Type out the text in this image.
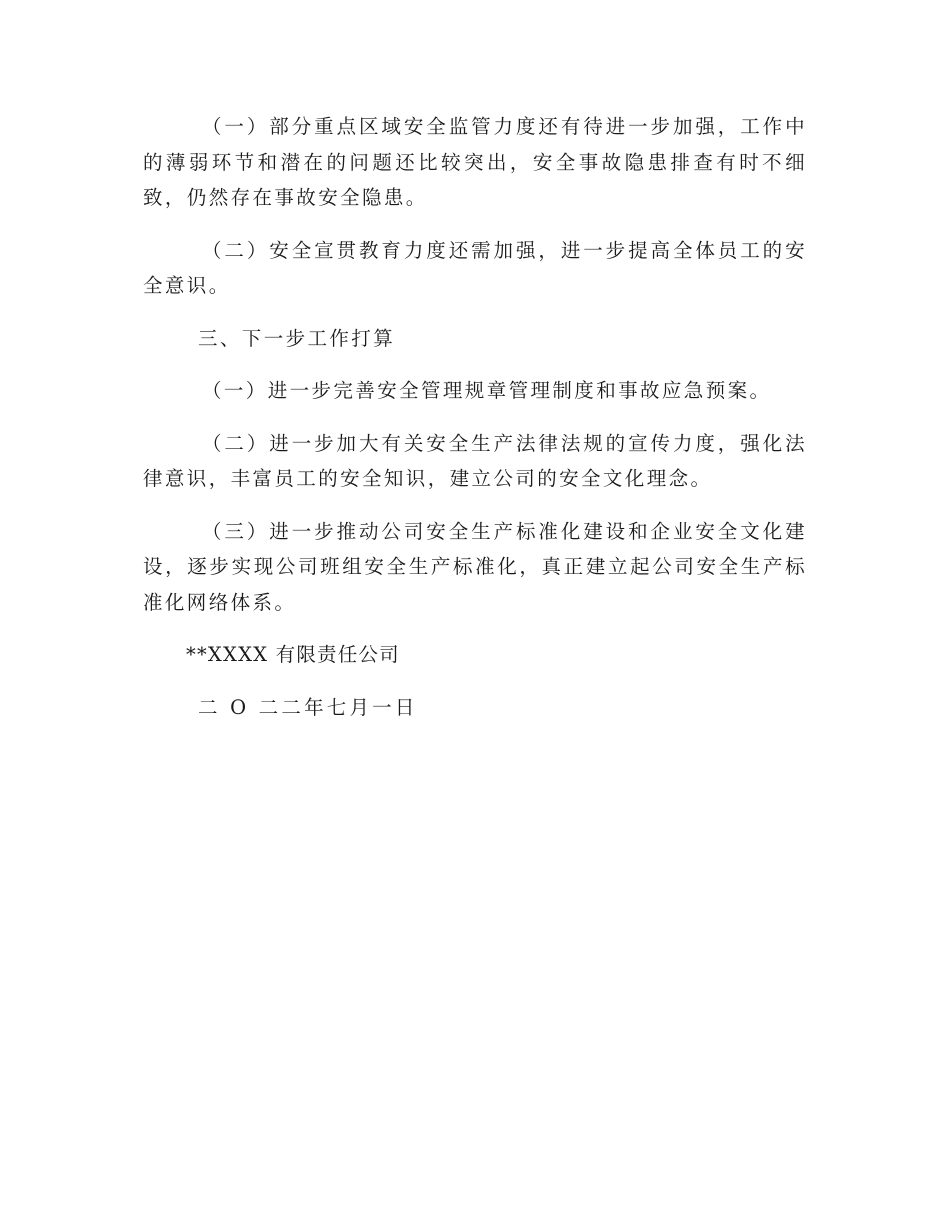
（一）部分重点区域安全监管力度还有待进一步加强，工作中的薄弱环节和潜在的问题还比较突出，安全事故隐患排查有时不细致，仍然存在事故安全隐患。

（二）安全宣贯教育力度还需加强，进一步提高全体员工的安全意识。

三、下一步工作打算

（一）进一步完善安全管理规章管理制度和事故应急预案。

（二）进一步加大有关安全生产法律法规的宣传力度，强化法律意识，丰富员工的安全知识，建立公司的安全文化理念。

（三）进一步推动公司安全生产标准化建设和企业安全文化建设，逐步实现公司班组安全生产标准化，真正建立起公司安全生产标准化网络体系。

**XXXX 有限责任公司

二 O 二二年七月一日
